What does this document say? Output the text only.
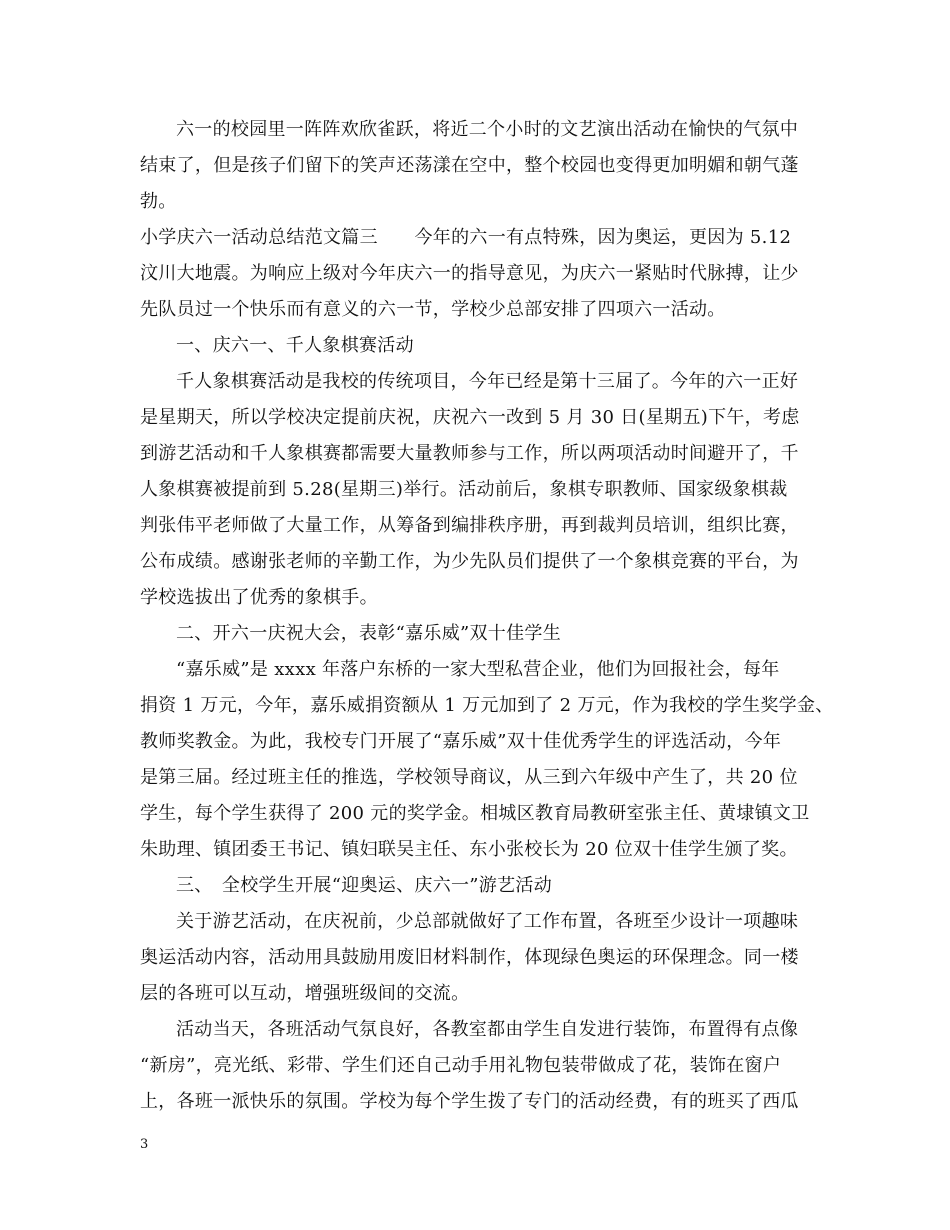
六一的校园里一阵阵欢欣雀跃，将近二个小时的文艺演出活动在愉快的气氛中
结束了，但是孩子们留下的笑声还荡漾在空中，整个校园也变得更加明媚和朝气蓬
勃。
小学庆六一活动总结范文篇三　　今年的六一有点特殊，因为奥运，更因为 5.12
汶川大地震。为响应上级对今年庆六一的指导意见，为庆六一紧贴时代脉搏，让少
先队员过一个快乐而有意义的六一节，学校少总部安排了四项六一活动。
一、庆六一、千人象棋赛活动
千人象棋赛活动是我校的传统项目，今年已经是第十三届了。今年的六一正好
是星期天，所以学校决定提前庆祝，庆祝六一改到 5 月 30 日(星期五)下午，考虑
到游艺活动和千人象棋赛都需要大量教师参与工作，所以两项活动时间避开了，千
人象棋赛被提前到 5.28(星期三)举行。活动前后，象棋专职教师、国家级象棋裁
判张伟平老师做了大量工作，从筹备到编排秩序册，再到裁判员培训，组织比赛，
公布成绩。感谢张老师的辛勤工作，为少先队员们提供了一个象棋竞赛的平台，为
学校选拔出了优秀的象棋手。
二、开六一庆祝大会，表彰“嘉乐威”双十佳学生
“嘉乐威”是 xxxx 年落户东桥的一家大型私营企业，他们为回报社会，每年
捐资 1 万元，今年，嘉乐威捐资额从 1 万元加到了 2 万元，作为我校的学生奖学金、
教师奖教金。为此，我校专门开展了“嘉乐威”双十佳优秀学生的评选活动，今年
是第三届。经过班主任的推选，学校领导商议，从三到六年级中产生了，共 20 位
学生，每个学生获得了 200 元的奖学金。相城区教育局教研室张主任、黄埭镇文卫
朱助理、镇团委王书记、镇妇联吴主任、东小张校长为 20 位双十佳学生颁了奖。
三、　全校学生开展“迎奥运、庆六一”游艺活动
关于游艺活动，在庆祝前，少总部就做好了工作布置，各班至少设计一项趣味
奥运活动内容，活动用具鼓励用废旧材料制作，体现绿色奥运的环保理念。同一楼
层的各班可以互动，增强班级间的交流。
活动当天，各班活动气氛良好，各教室都由学生自发进行装饰，布置得有点像
“新房”，亮光纸、彩带、学生们还自己动手用礼物包装带做成了花，装饰在窗户
上，各班一派快乐的氛围。学校为每个学生拨了专门的活动经费，有的班买了西瓜
3
